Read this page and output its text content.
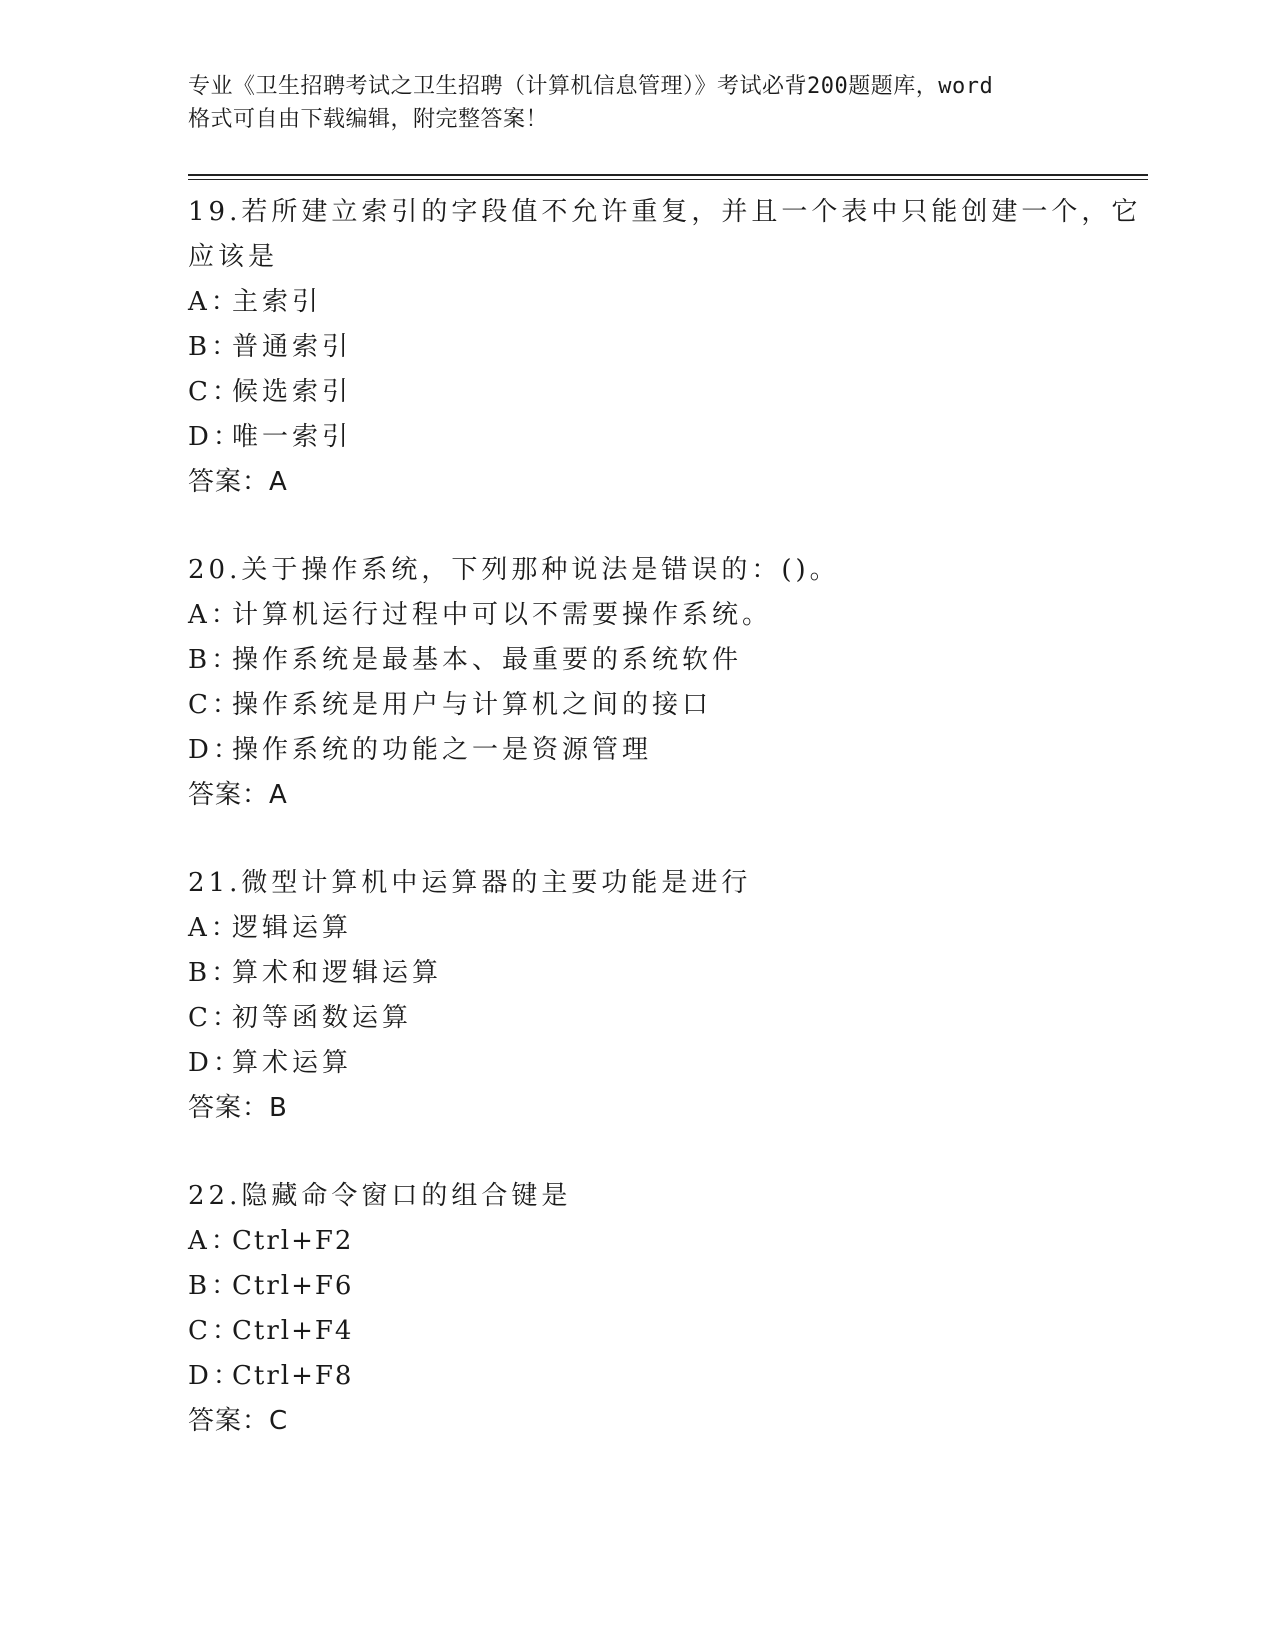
专业《卫生招聘考试之卫生招聘（计算机信息管理）》考试必背200题题库，word

格式可自由下载编辑，附完整答案！

19.若所建立索引的字段值不允许重复，并且一个表中只能创建一个，它应该是

A：
主索引

B：
普通索引

C：
候选索引

D：
唯一索引

答案：A

20.关于操作系统，下列那种说法是错误的：()。

A：
计算机运行过程中可以不需要操作系统。

B：
操作系统是最基本、最重要的系统软件

C：
操作系统是用户与计算机之间的接口

D：
操作系统的功能之一是资源管理

答案：A

21.微型计算机中运算器的主要功能是进行

A：
逻辑运算

B：
算术和逻辑运算

C：
初等函数运算

D：
算术运算

答案：B

22.隐藏命令窗口的组合键是

A：
Ctrl+F2

B：
Ctrl+F6

C：
Ctrl+F4

D：
Ctrl+F8

答案：C
